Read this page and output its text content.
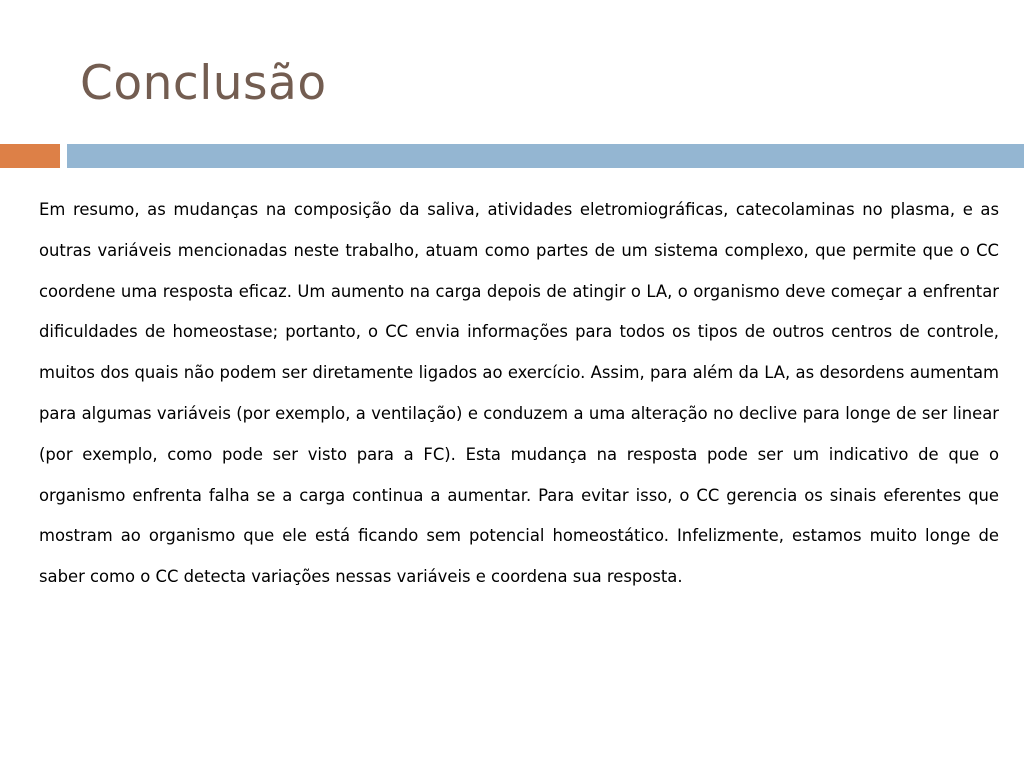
Conclusão

Em resumo, as mudanças na composição da saliva, atividades eletromiográficas, catecolaminas no plasma, e as outras variáveis mencionadas neste trabalho, atuam como partes de um sistema complexo, que permite que o CC coordene uma resposta eficaz. Um aumento na carga depois de atingir o LA, o organismo deve começar a enfrentar dificuldades de homeostase; portanto, o CC envia informações para todos os tipos de outros centros de controle, muitos dos quais não podem ser diretamente ligados ao exercício. Assim, para além da LA, as desordens aumentam para algumas variáveis (por exemplo, a ventilação) e conduzem a uma alteração no declive para longe de ser linear (por exemplo, como pode ser visto para a FC). Esta mudança na resposta pode ser um indicativo de que o organismo enfrenta falha se a carga continua a aumentar. Para evitar isso, o CC gerencia os sinais eferentes que mostram ao organismo que ele está ficando sem potencial homeostático. Infelizmente, estamos muito longe de saber como o CC detecta variações nessas variáveis e coordena sua resposta.
